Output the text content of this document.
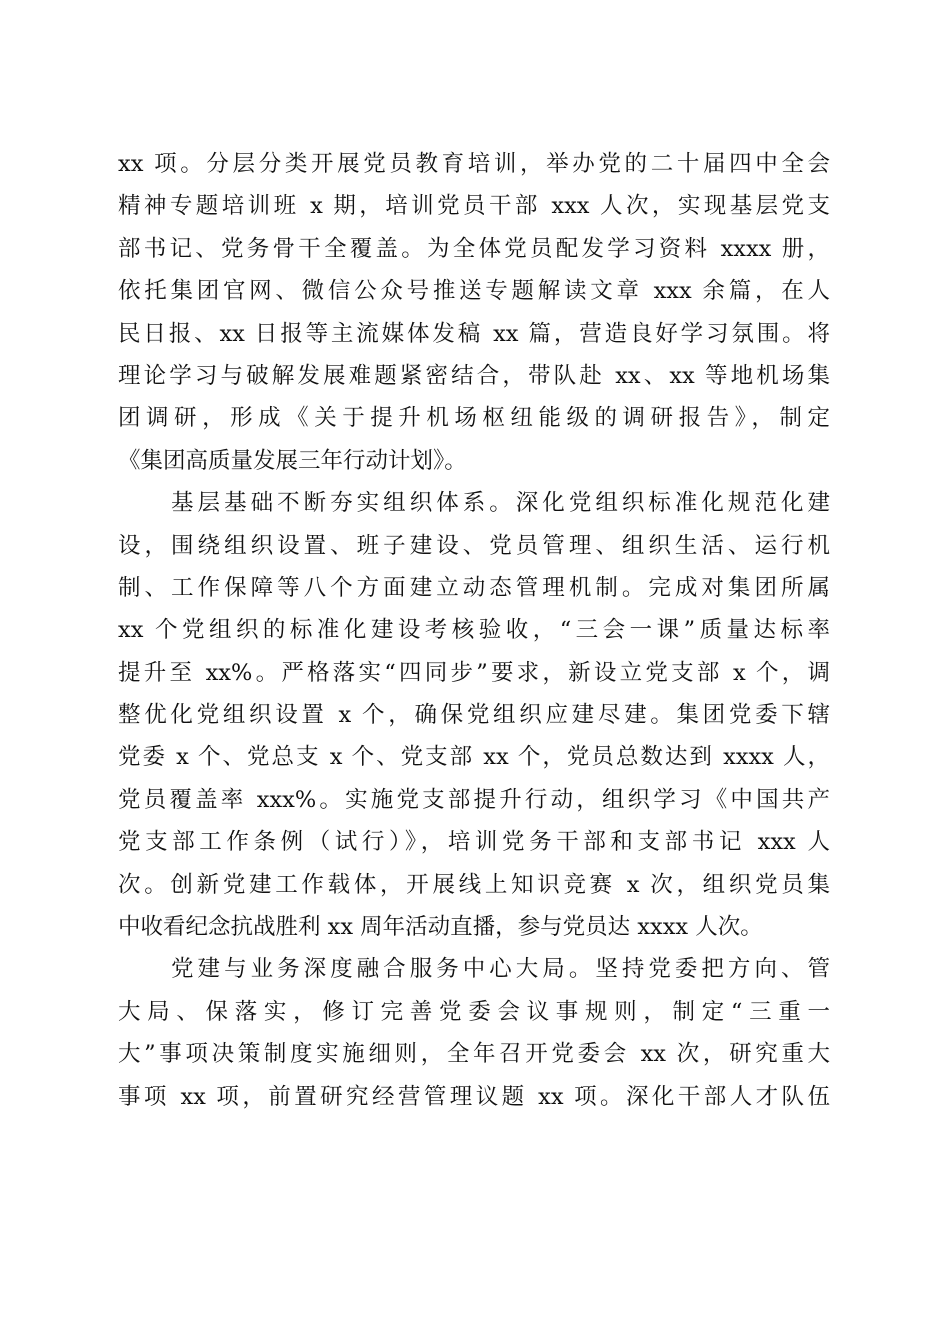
xx 项。分层分类开展党员教育培训，举办党的二十届四中全会
精神专题培训班 x 期，培训党员干部 xxx 人次，实现基层党支
部书记、党务骨干全覆盖。为全体党员配发学习资料 xxxx 册，
依托集团官网、微信公众号推送专题解读文章 xxx 余篇，在人
民日报、xx 日报等主流媒体发稿 xx 篇，营造良好学习氛围。将
理论学习与破解发展难题紧密结合，带队赴 xx、xx 等地机场集
团调研，形成《关于提升机场枢纽能级的调研报告》，制定
《集团高质量发展三年行动计划》。
　　基层基础不断夯实组织体系。深化党组织标准化规范化建
设，围绕组织设置、班子建设、党员管理、组织生活、运行机
制、工作保障等八个方面建立动态管理机制。完成对集团所属
xx 个党组织的标准化建设考核验收，“三会一课”质量达标率
提升至 xx%。严格落实“四同步”要求，新设立党支部 x 个，调
整优化党组织设置 x 个，确保党组织应建尽建。集团党委下辖
党委 x 个、党总支 x 个、党支部 xx 个，党员总数达到 xxxx 人，
党员覆盖率 xxx%。实施党支部提升行动，组织学习《中国共产
党支部工作条例（试行）》，培训党务干部和支部书记 xxx 人
次。创新党建工作载体，开展线上知识竞赛 x 次，组织党员集
中收看纪念抗战胜利 xx 周年活动直播，参与党员达 xxxx 人次。
　　党建与业务深度融合服务中心大局。坚持党委把方向、管
大局、保落实，修订完善党委会议事规则，制定“三重一
大”事项决策制度实施细则，全年召开党委会 xx 次，研究重大
事项 xx 项，前置研究经营管理议题 xx 项。深化干部人才队伍
